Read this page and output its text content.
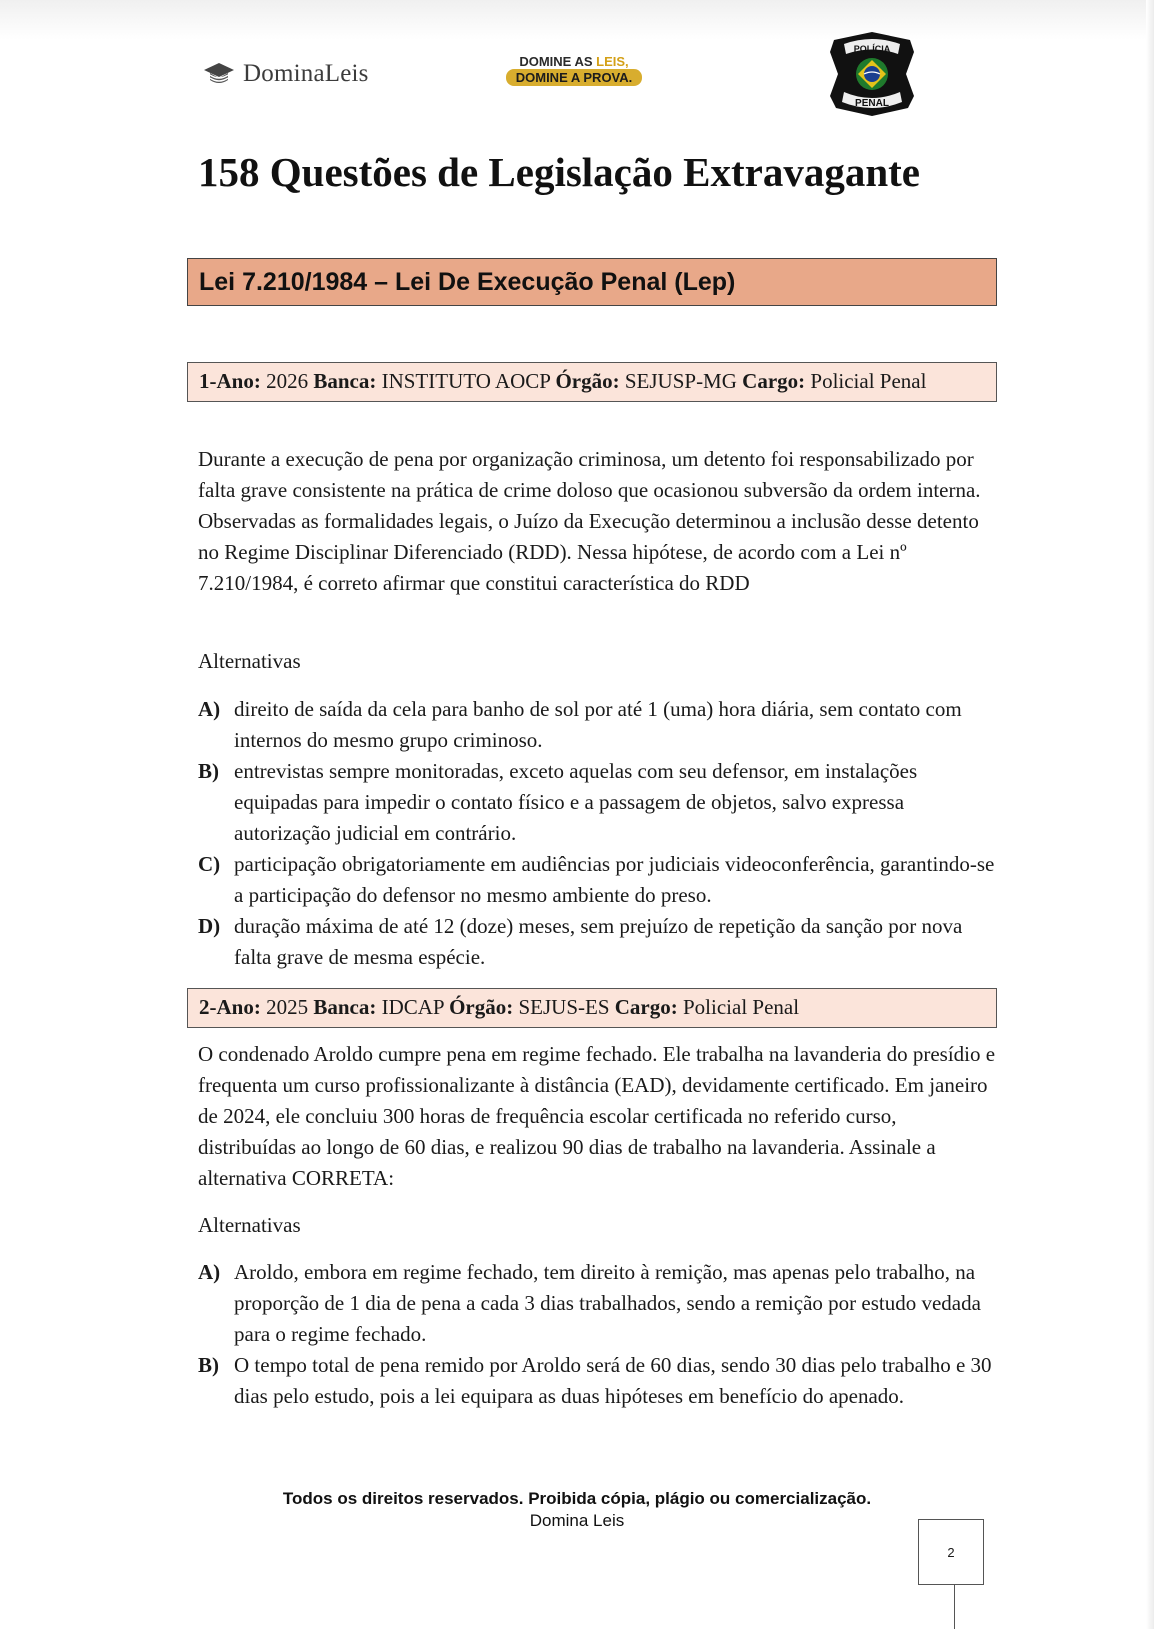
DominaLeis	DOMINE AS LEIS,
DOMINE A PROVA.
POLÍCIA
PENAL
158 Questões de Legislação Extravagante
Lei 7.210/1984 – Lei De Execução Penal (Lep)
1-Ano: 2026 Banca: INSTITUTO AOCP Órgão: SEJUSP-MG Cargo: Policial Penal

Durante a execução de pena por organização criminosa, um detento foi responsabilizado por falta grave consistente na prática de crime doloso que ocasionou subversão da ordem interna. Observadas as formalidades legais, o Juízo da Execução determinou a inclusão desse detento no Regime Disciplinar Diferenciado (RDD). Nessa hipótese, de acordo com a Lei nº 7.210/1984, é correto afirmar que constitui característica do RDD

Alternativas

A) direito de saída da cela para banho de sol por até 1 (uma) hora diária, sem contato com internos do mesmo grupo criminoso.
B) entrevistas sempre monitoradas, exceto aquelas com seu defensor, em instalações equipadas para impedir o contato físico e a passagem de objetos, salvo expressa autorização judicial em contrário.
C) participação obrigatoriamente em audiências por judiciais videoconferência, garantindo-se a participação do defensor no mesmo ambiente do preso.
D) duração máxima de até 12 (doze) meses, sem prejuízo de repetição da sanção por nova falta grave de mesma espécie.
2-Ano: 2025 Banca: IDCAP Órgão: SEJUS-ES Cargo: Policial Penal

O condenado Aroldo cumpre pena em regime fechado. Ele trabalha na lavanderia do presídio e frequenta um curso profissionalizante à distância (EAD), devidamente certificado. Em janeiro de 2024, ele concluiu 300 horas de frequência escolar certificada no referido curso, distribuídas ao longo de 60 dias, e realizou 90 dias de trabalho na lavanderia. Assinale a alternativa CORRETA:

Alternativas

A) Aroldo, embora em regime fechado, tem direito à remição, mas apenas pelo trabalho, na proporção de 1 dia de pena a cada 3 dias trabalhados, sendo a remição por estudo vedada para o regime fechado.
B) O tempo total de pena remido por Aroldo será de 60 dias, sendo 30 dias pelo trabalho e 30 dias pelo estudo, pois a lei equipara as duas hipóteses em benefício do apenado.
Todos os direitos reservados. Proibida cópia, plágio ou comercialização.
Domina Leis
2
